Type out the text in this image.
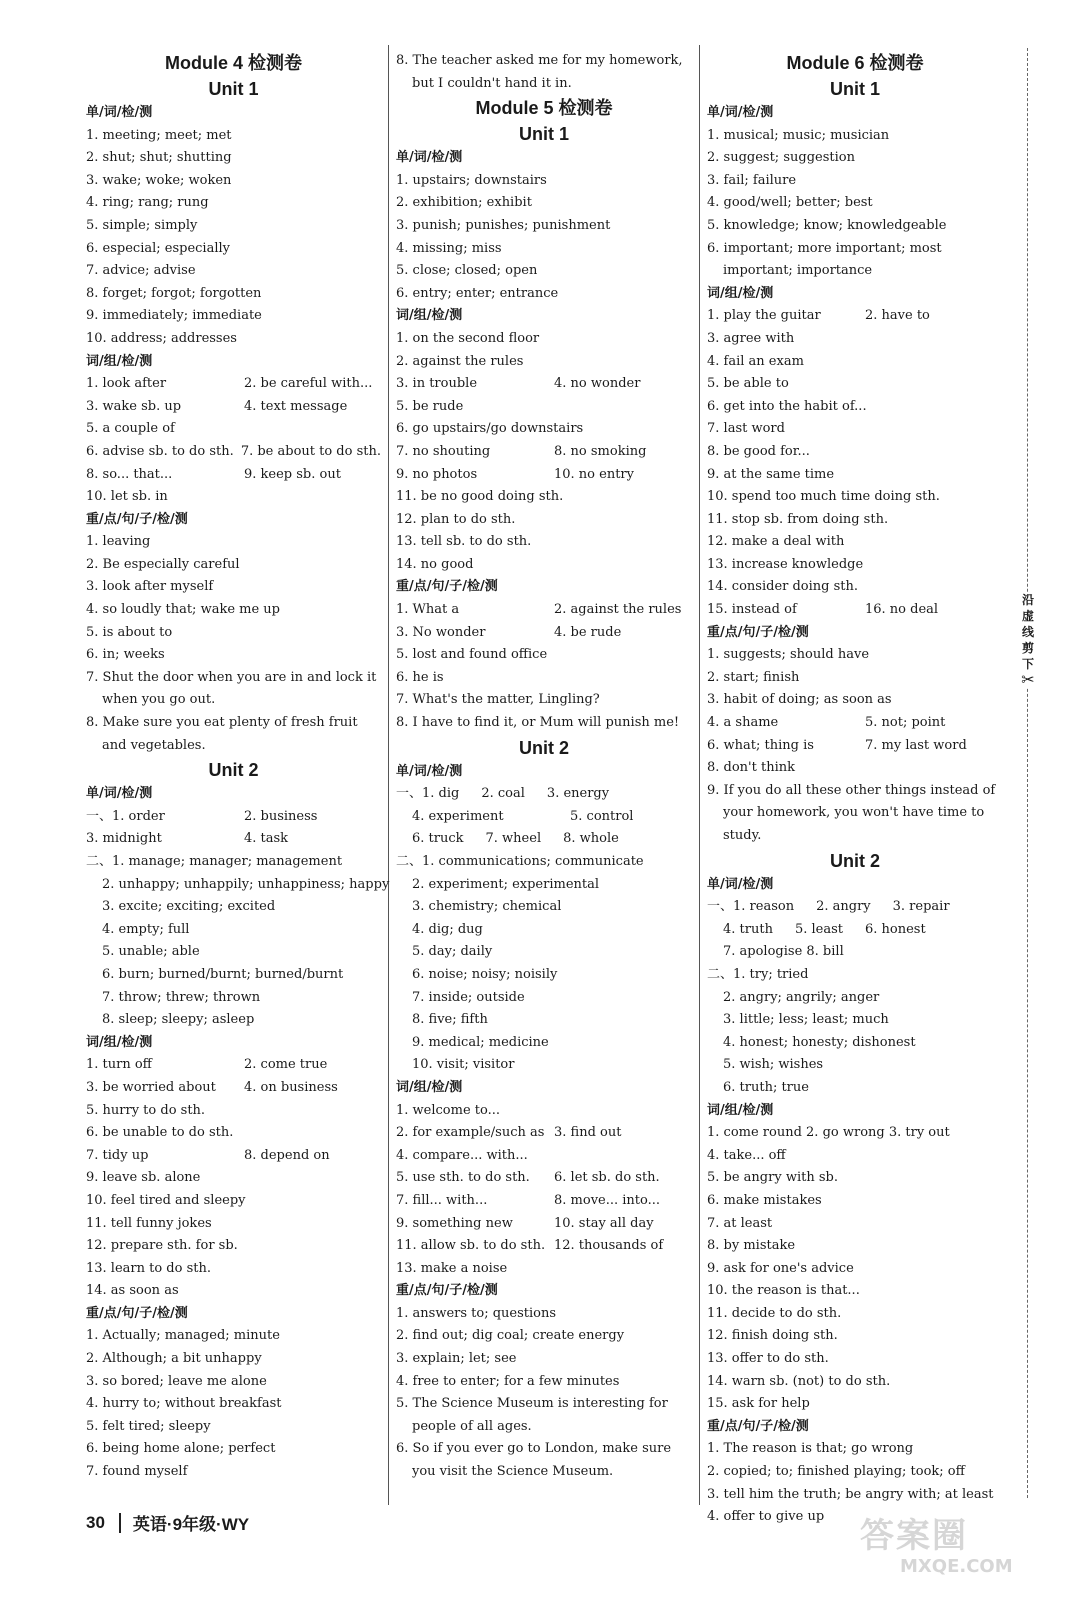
Module 4 检测卷
Unit 1
单/词/检/测
1. meeting; meet; met
2. shut; shut; shutting
3. wake; woke; woken
4. ring; rang; rung
5. simple; simply
6. especial; especially
7. advice; advise
8. forget; forgot; forgotten
9. immediately; immediate
10. address; addresses
词/组/检/测
1. look after	2. be careful with...
3. wake sb. up	4. text message
5. a couple of
6. advise sb. to do sth. 7. be about to do sth.
8. so... that...	9. keep sb. out
10. let sb. in
重/点/句/子/检/测
1. leaving
2. Be especially careful
3. look after myself
4. so loudly that; wake me up
5. is about to
6. in; weeks
7. Shut the door when you are in and lock it when you go out.
8. Make sure you eat plenty of fresh fruit and vegetables.
Unit 2
单/词/检/测
一、1. order	2. business
3. midnight	4. task
二、1. manage; manager; management
2. unhappy; unhappily; unhappiness; happy
3. excite; exciting; excited
4. empty; full
5. unable; able
6. burn; burned/burnt; burned/burnt
7. throw; threw; thrown
8. sleep; sleepy; asleep
词/组/检/测
1. turn off	2. come true
3. be worried about	4. on business
5. hurry to do sth.
6. be unable to do sth.
7. tidy up	8. depend on
9. leave sb. alone
10. feel tired and sleepy
11. tell funny jokes
12. prepare sth. for sb.
13. learn to do sth.
14. as soon as
重/点/句/子/检/测
1. Actually; managed; minute
2. Although; a bit unhappy
3. so bored; leave me alone
4. hurry to; without breakfast
5. felt tired; sleepy
6. being home alone; perfect
7. found myself
8. The teacher asked me for my homework, but I couldn't hand it in.
Module 5 检测卷
Unit 1
单/词/检/测
1. upstairs; downstairs
2. exhibition; exhibit
3. punish; punishes; punishment
4. missing; miss
5. close; closed; open
6. entry; enter; entrance
词/组/检/测
1. on the second floor
2. against the rules
3. in trouble	4. no wonder
5. be rude
6. go upstairs/go downstairs
7. no shouting	8. no smoking
9. no photos	10. no entry
11. be no good doing sth.
12. plan to do sth.
13. tell sb. to do sth.
14. no good
重/点/句/子/检/测
1. What a	2. against the rules
3. No wonder	4. be rude
5. lost and found office
6. he is
7. What's the matter, Lingling?
8. I have to find it, or Mum will punish me!
Unit 2
单/词/检/测
一、 1. dig 2. coal 3. energy
4. experiment	5. control
6. truck 7. wheel 8. whole
二、1. communications; communicate
2. experiment; experimental
3. chemistry; chemical
4. dig; dug
5. day; daily
6. noise; noisy; noisily
7. inside; outside
8. five; fifth
9. medical; medicine
10. visit; visitor
词/组/检/测
1. welcome to...
2. for example/such as 3. find out
4. compare... with...
5. use sth. to do sth.	6. let sb. do sth.
7. fill... with...	8. move... into...
9. something new	10. stay all day
11. allow sb. to do sth. 12. thousands of
13. make a noise
重/点/句/子/检/测
1. answers to; questions
2. find out; dig coal; create energy
3. explain; let; see
4. free to enter; for a few minutes
5. The Science Museum is interesting for people of all ages.
6. So if you ever go to London, make sure you visit the Science Museum.
Module 6 检测卷
Unit 1
单/词/检/测
1. musical; music; musician
2. suggest; suggestion
3. fail; failure
4. good/well; better; best
5. knowledge; know; knowledgeable
6. important; more important; most important; importance
词/组/检/测
1. play the guitar	2. have to
3. agree with
4. fail an exam
5. be able to
6. get into the habit of...
7. last word
8. be good for...
9. at the same time
10. spend too much time doing sth.
11. stop sb. from doing sth.
12. make a deal with
13. increase knowledge
14. consider doing sth.
15. instead of	16. no deal
重/点/句/子/检/测
1. suggests; should have
2. start; finish
3. habit of doing; as soon as
4. a shame	5. not; point
6. what; thing is	7. my last word
8. don't think
9. If you do all these other things instead of your homework, you won't have time to study.
Unit 2
单/词/检/测
一、 1. reason 2. angry 3. repair
4. truth 5. least 6. honest
7. apologise 8. bill
二、1. try; tried
2. angry; angrily; anger
3. little; less; least; much
4. honest; honesty; dishonest
5. wish; wishes
6. truth; true
词/组/检/测
1. come round 2. go wrong 3. try out
4. take... off
5. be angry with sb.
6. make mistakes
7. at least
8. by mistake
9. ask for one's advice
10. the reason is that...
11. decide to do sth.
12. finish doing sth.
13. offer to do sth.
14. warn sb. (not) to do sth.
15. ask for help
重/点/句/子/检/测
1. The reason is that; go wrong
2. copied; to; finished playing; took; off
3. tell him the truth; be angry with; at least
4. offer to give up
沿
虚
线
剪
下
✂
30 英语·9年级·WY	答案圈
MXQE.COM
